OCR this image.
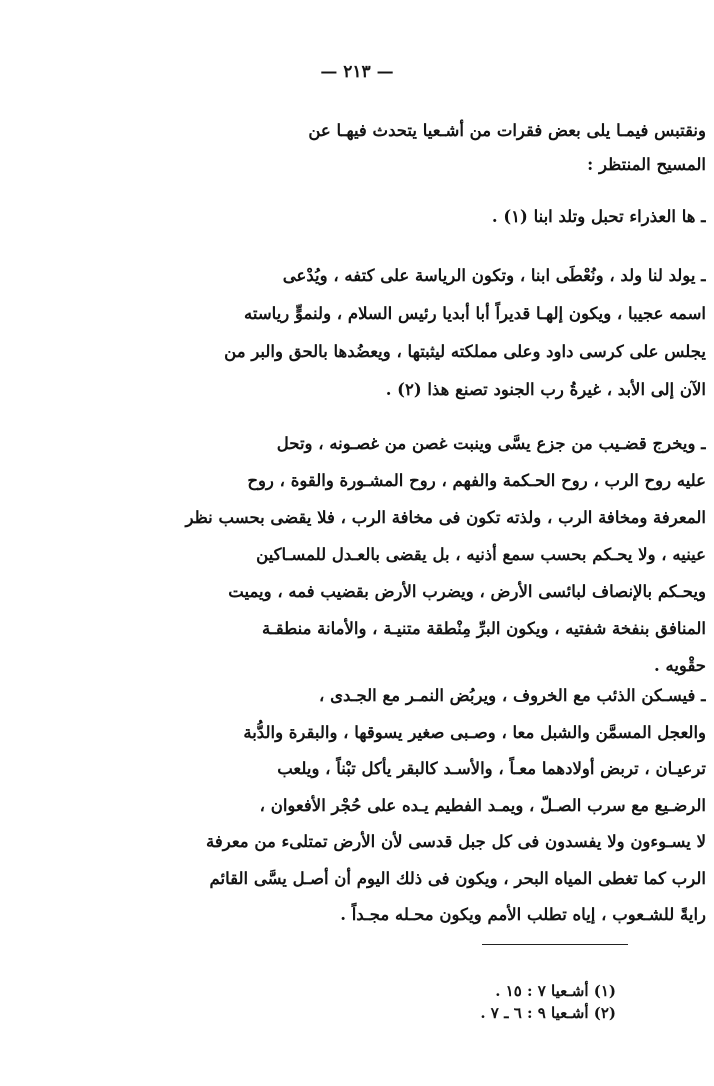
— ٢١٣ —
ونقتبس فيمـا يلى بعض فقرات من أشـعيا يتحدث فيهـا عن
المسيح المنتظر :
ـ ها العذراء تحبل وتلد ابنا (١) .
ـ يولد لنا ولد ، ونُعْطَى ابنا ، وتكون الرياسة على كتفه ، ويُدْعى
اسمه عجيبا ، ويكون إلهـا قديراً أبا أبديا رئيس السلام ، ولنموٍّ رياسته
يجلس على كرسى داود وعلى مملكته ليثبتها ، ويعضُدها بالحق والبر من
الآن إلى الأبد ، غيرةُ رب الجنود تصنع هذا (٢) .
ـ ويخرج قضـيب من جزع يسَّى وينبت غصن من غصـونه ، وتحل
عليه روح الرب ، روح الحـكمة والفهم ، روح المشـورة والقوة ، روح
المعرفة ومخافة الرب ، ولذته تكون فى مخافة الرب ، فلا يقضى بحسب نظر
عينيه ، ولا يحـكم بحسب سمع أذنيه ، بل يقضى بالعـدل للمسـاكين
ويحـكم بالإنصاف لبائسى الأرض ، ويضرب الأرض بقضيب فمه ، ويميت
المنافق بنفخة شفتيه ، ويكون البرِّ مِنْطقة متنيـة ، والأمانة منطقـة
حقْويه .
ـ فيسـكن الذئب مع الخروف ، ويربُض النمـر مع الجـدى ،
والعجل المسمَّن والشبل معا ، وصـبى صغير يسوقها ، والبقرة والدُّبة
ترعيـان ، تربض أولادهما معـاً ، والأسـد كالبقر يأكل تبْناً ، ويلعب
الرضـيع مع سرب الصـلّ ، ويمـد الفطيم يـده على حُجْر الأفعوان ،
لا يسـوءون ولا يفسدون فى كل جبل قدسى لأن الأرض تمتلىء من معرفة
الرب كما تغطى المياه البحر ، ويكون فى ذلك اليوم أن أصـل يسَّى القائم
رايةً للشـعوب ، إياه تطلب الأمم ويكون محـله مجـداً .
(١) أشـعيا ٧ : ١٥ .
(٢) أشـعيا ٩ : ٦ ـ ٧ .
